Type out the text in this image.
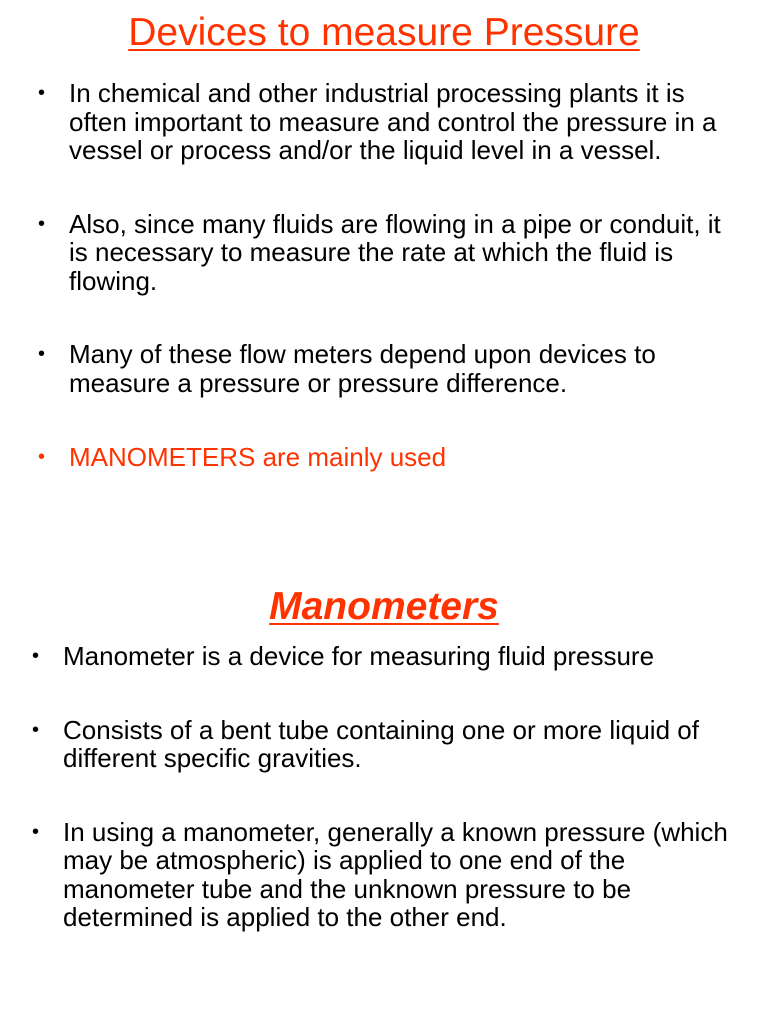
Devices to measure Pressure
• In chemical and other industrial processing plants it is often important to measure and control the pressure in a vessel or process and/or the liquid level in a vessel.
• Also, since many fluids are flowing in a pipe or conduit, it is necessary to measure the rate at which the fluid is flowing.
• Many of these flow meters depend upon devices to measure a pressure or pressure difference.
• MANOMETERS are mainly used
Manometers
• Manometer is a device for measuring fluid pressure
• Consists of a bent tube containing one or more liquid of different specific gravities.
• In using a manometer, generally a known pressure (which may be atmospheric) is applied to one end of the manometer tube and the unknown pressure to be determined is applied to the other end.
